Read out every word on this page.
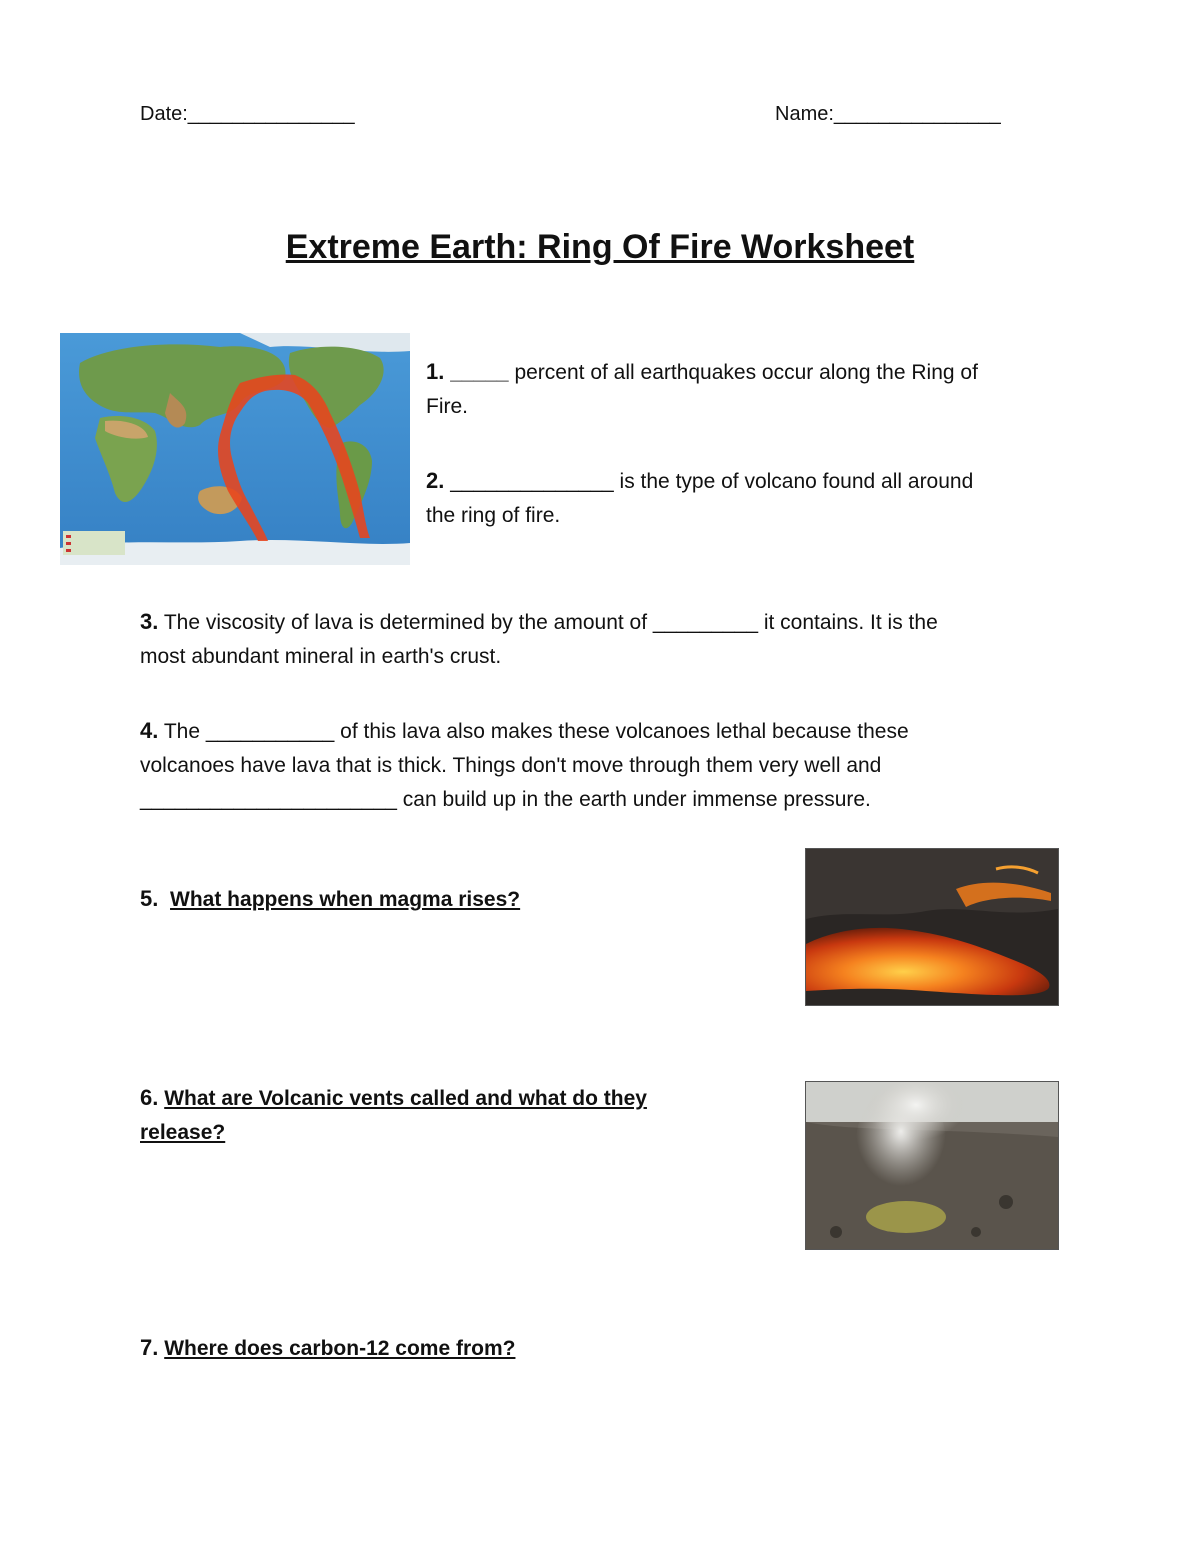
Date:_______________	Name:_______________
Extreme Earth: Ring Of Fire Worksheet
1. _____ percent of all earthquakes occur along the Ring of
Fire.
2. ______________ is the type of volcano found all around
the ring of fire.
3. The viscosity of lava is determined by the amount of _________ it contains. It is the
most abundant mineral in earth's crust.
4. The ___________ of this lava also makes these volcanoes lethal because these
volcanoes have lava that is thick. Things don't move through them very well and
______________________ can build up in the earth under immense pressure.
5. What happens when magma rises?
6. What are Volcanic vents called and what do they
release?
7. Where does carbon-12 come from?
